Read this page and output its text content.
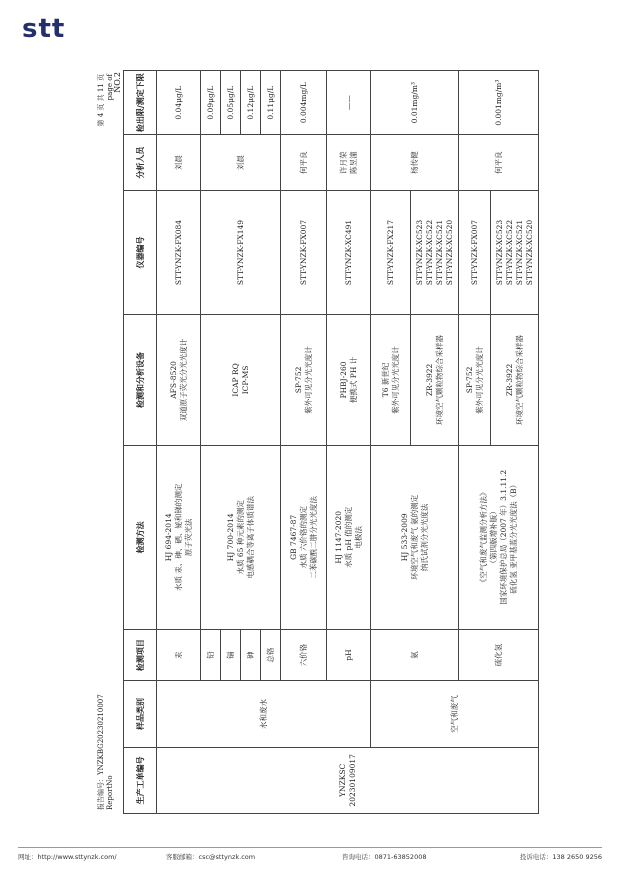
stt
报告编号：YNZKBG20230210007 ReportNo
第 4 页 共 11 页 page of NO.2
生产工单编号	样品类别	检测项目	检测方法	检测和分析设备	仪器编号	分析人员	检出限/测定下限

YNZKSC 20230109017	水和废水	汞	HJ 694-2014 水质 汞、砷、硒、铋和锑的测定 原子荧光法	AFS-8520 双道原子荧光分光光度计	STT-YNZK-FX084	刘晨	0.04μg/L
		铅	HJ 700-2014 水质 65 种元素的测定 电感耦合等离子体质谱法	ICAP RQ ICP-MS	STT-YNZK-FX149	刘晨	0.09μg/L
		镉					0.05μg/L
		砷					0.12μg/L
		总铬					0.11μg/L
		六价铬	GB 7467-87 水质 六价铬的测定 二苯碳酰二肼分光光度法	SP-752 紫外可见分光光度计	STT-YNZK-FX007	何平良	0.004mg/L
		pH	HJ 1147-2020 水质 pH 值的测定 电极法	PHBJ-260 便携式 PH 计	STT-YNZK-XC491	许月荣 陈昱潼	——
	空气和废气	氨	HJ 533-2009 环境空气和废气 氨的测定 纳氏试剂分光光度法	T6 新世纪 紫外可见分光光度计	STT-YNZK-FX217	杨传健	0.01mg/m³

				ZR-3922 环境空气颗粒物综合采样器	STT-YNZK-XC523 STT-YNZK-XC522 STT-YNZK-XC521 STT-YNZK-XC520		

		硫化氢	《空气和废气监测分析方法》 （第四版增补版） 国家环境保护总局（2007 年）3.1.11.2 硫化氢 亚甲基蓝分光光度法（B）	SP-752 紫外可见分光光度计	STT-YNZK-FX007	何平良	0.001mg/m³

				ZR-3922 环境空气颗粒物综合采样器	STT-YNZK-XC523 STT-YNZK-XC522 STT-YNZK-XC521 STT-YNZK-XC520		
网址：http://www.sttynzk.com/	客服邮箱：csc@sttynzk.com	咨询电话：0871-63852008	投诉电话：138 2650 9256
